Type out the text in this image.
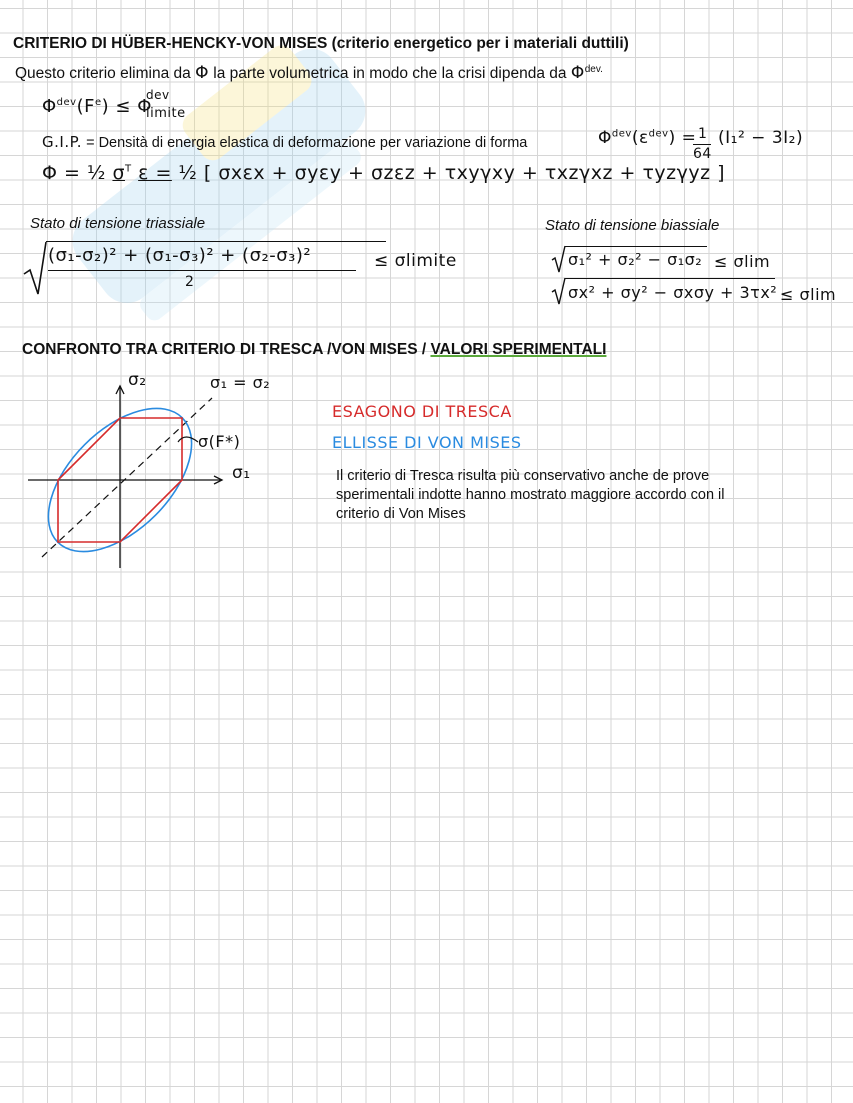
CRITERIO DI HÜBER-HENCKY-VON MISES (criterio energetico per i materiali duttili)
Questo criterio elimina da Φ la parte volumetrica in modo che la crisi dipenda da $\Phi^{dev.}$
$\Phi^{dev}(F^e) \le \Phi$
dev
limite
G.I.P. = Densità di energia elastica di deformazione per variazione di forma	$\Phi^{dev}(\varepsilon^{dev}) = 1$
64
(I₁² − 3I₂)
Φ = ½ $\sigma^T$ ε = ½ [ σxεx + σyεy + σzεz + τxyγxy + τxzγxz + τyzγyz ]
Stato di tensione triassiale
(σ₁-σ₂)² + (σ₁-σ₃)² + (σ₂-σ₃)²
2
≤ σlimite
Stato di tensione biassiale
σ₁² + σ₂² − σ₁σ₂ ≤ σlim
σx² + σy² − σxσy + 3τx² ≤ σlim
CONFRONTO TRA CRITERIO DI TRESCA /VON MISES / VALORI SPERIMENTALI
σ₂
σ₁
σ₁ = σ₂
σ(F*)
ESAGONO DI TRESCA
ELLISSE DI VON MISES
Il criterio di Tresca risulta più conservativo anche de prove
sperimentali indotte hanno mostrato maggiore accordo con il
criterio di Von Mises
